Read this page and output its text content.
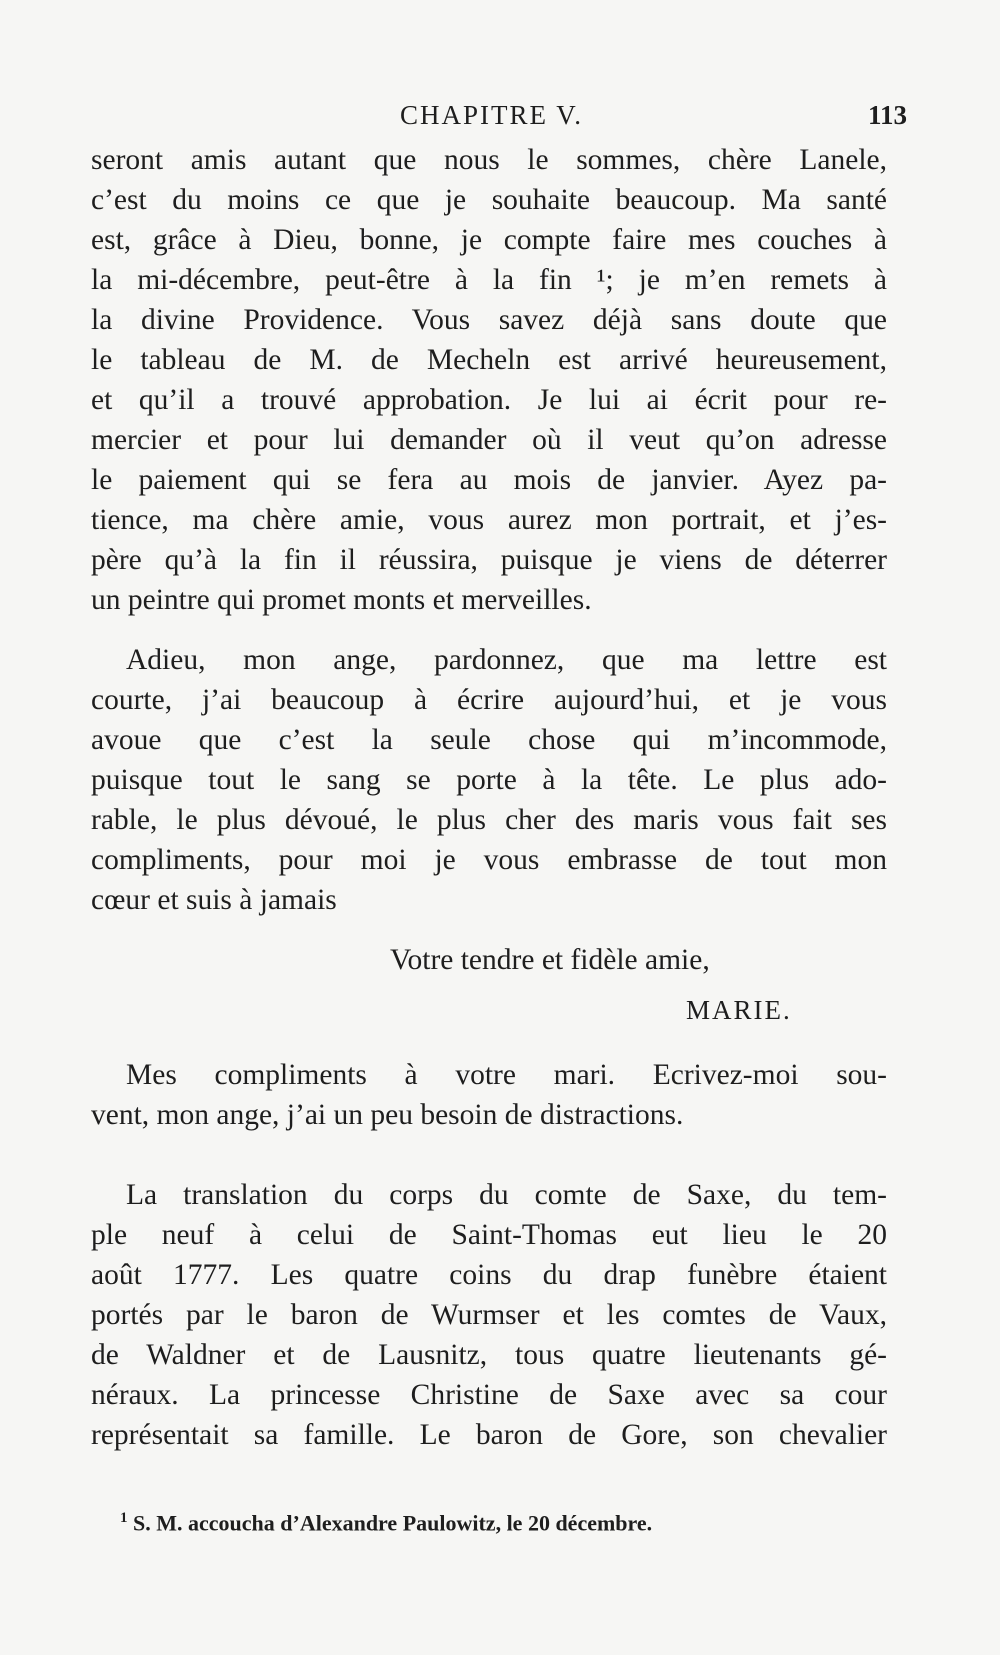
CHAPITRE V.	113
seront amis autant que nous le sommes, chère Lanele,
c’est du moins ce que je souhaite beaucoup. Ma santé
est, grâce à Dieu, bonne, je compte faire mes couches à
la mi-décembre, peut-être à la fin ¹; je m’en remets à
la divine Providence. Vous savez déjà sans doute que
le tableau de M. de Mecheln est arrivé heureusement,
et qu’il a trouvé approbation. Je lui ai écrit pour re-
mercier et pour lui demander où il veut qu’on adresse
le paiement qui se fera au mois de janvier. Ayez pa-
tience, ma chère amie, vous aurez mon portrait, et j’es-
père qu’à la fin il réussira, puisque je viens de déterrer
un peintre qui promet monts et merveilles.
Adieu, mon ange, pardonnez, que ma lettre est
courte, j’ai beaucoup à écrire aujourd’hui, et je vous
avoue que c’est la seule chose qui m’incommode,
puisque tout le sang se porte à la tête. Le plus ado-
rable, le plus dévoué, le plus cher des maris vous fait ses
compliments, pour moi je vous embrasse de tout mon
cœur et suis à jamais
Votre tendre et fidèle amie,
MARIE.
Mes compliments à votre mari. Ecrivez-moi sou-
vent, mon ange, j’ai un peu besoin de distractions.
La translation du corps du comte de Saxe, du tem-
ple neuf à celui de Saint-Thomas eut lieu le 20
août 1777. Les quatre coins du drap funèbre étaient
portés par le baron de Wurmser et les comtes de Vaux,
de Waldner et de Lausnitz, tous quatre lieutenants gé-
néraux. La princesse Christine de Saxe avec sa cour
représentait sa famille. Le baron de Gore, son chevalier
$^1$ S. M. accoucha d’Alexandre Paulowitz, le 20 décembre.
